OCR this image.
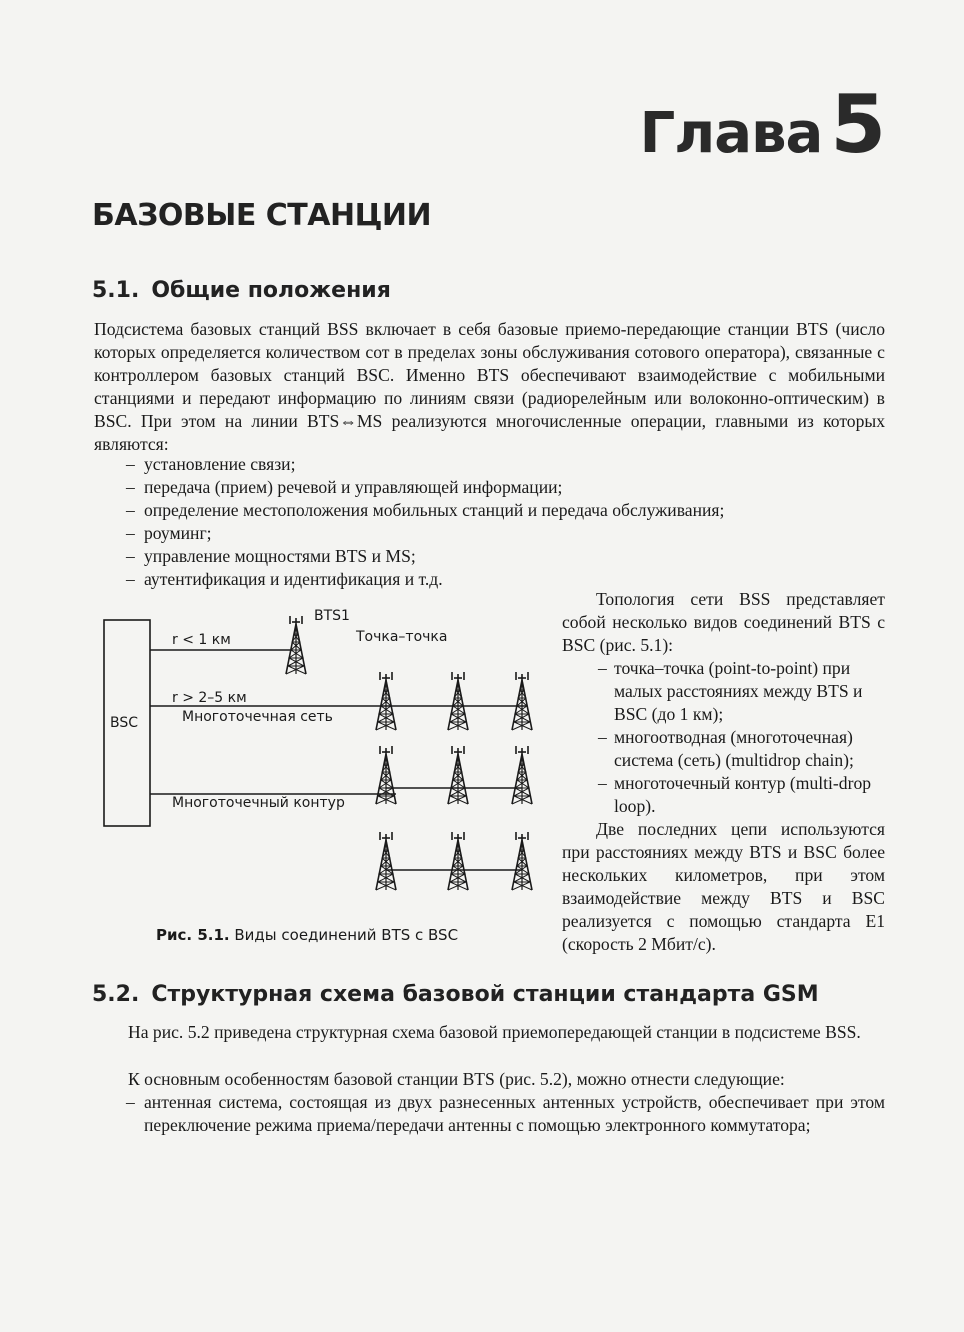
Глава 5
БАЗОВЫЕ СТАНЦИИ
5.1. Общие положения

Подсистема базовых станций BSS включает в себя базовые приемо-передающие станции BTS (число которых определяется количеством сот в пределах зоны обслуживания сотового оператора), связанные с контроллером базовых станций BSC. Именно BTS обеспечивают взаимодействие с мобильными станциями и передают информацию по линиям связи (радиорелейным или волоконно-оптическим) в BSC. При этом на линии BTS⇔MS реализуются многочисленные операции, главными из которых являются:

– установление связи;
– передача (прием) речевой и управляющей информации;
– определение местоположения мобильных станций и передача обслуживания;
– роуминг;
– управление мощностями BTS и MS;
– аутентификация и идентификация и т.д.
BSC
r < 1 км
BTS1
Точка–точка
r > 2–5 км
Многоточечная сеть
Многоточечный контур
Рис. 5.1. Виды соединений BTS с BSC

Топология сети BSS представляет собой несколько видов соединений BTS с BSC (рис. 5.1):

– точка–точка (point-to-point) при малых расстояниях между BTS и BSC (до 1 км);
– многоотводная (многоточечная) система (сеть) (multidrop chain);
– многоточечный контур (multi-drop loop).

Две последних цепи используются при расстояниях между BTS и BSC более нескольких километров, при этом взаимодействие между BTS и BSC реализуется с помощью стандарта E1 (скорость 2 Мбит/с).

5.2. Структурная схема базовой станции стандарта GSM

На рис. 5.2 приведена структурная схема базовой приемопередающей станции в подсистеме BSS.

К основным особенностям базовой станции BTS (рис. 5.2), можно отнести следующие:

– антенная система, состоящая из двух разнесенных антенных устройств, обеспечивает при этом переключение режима приема/передачи антенны с помощью электронного коммутатора;
